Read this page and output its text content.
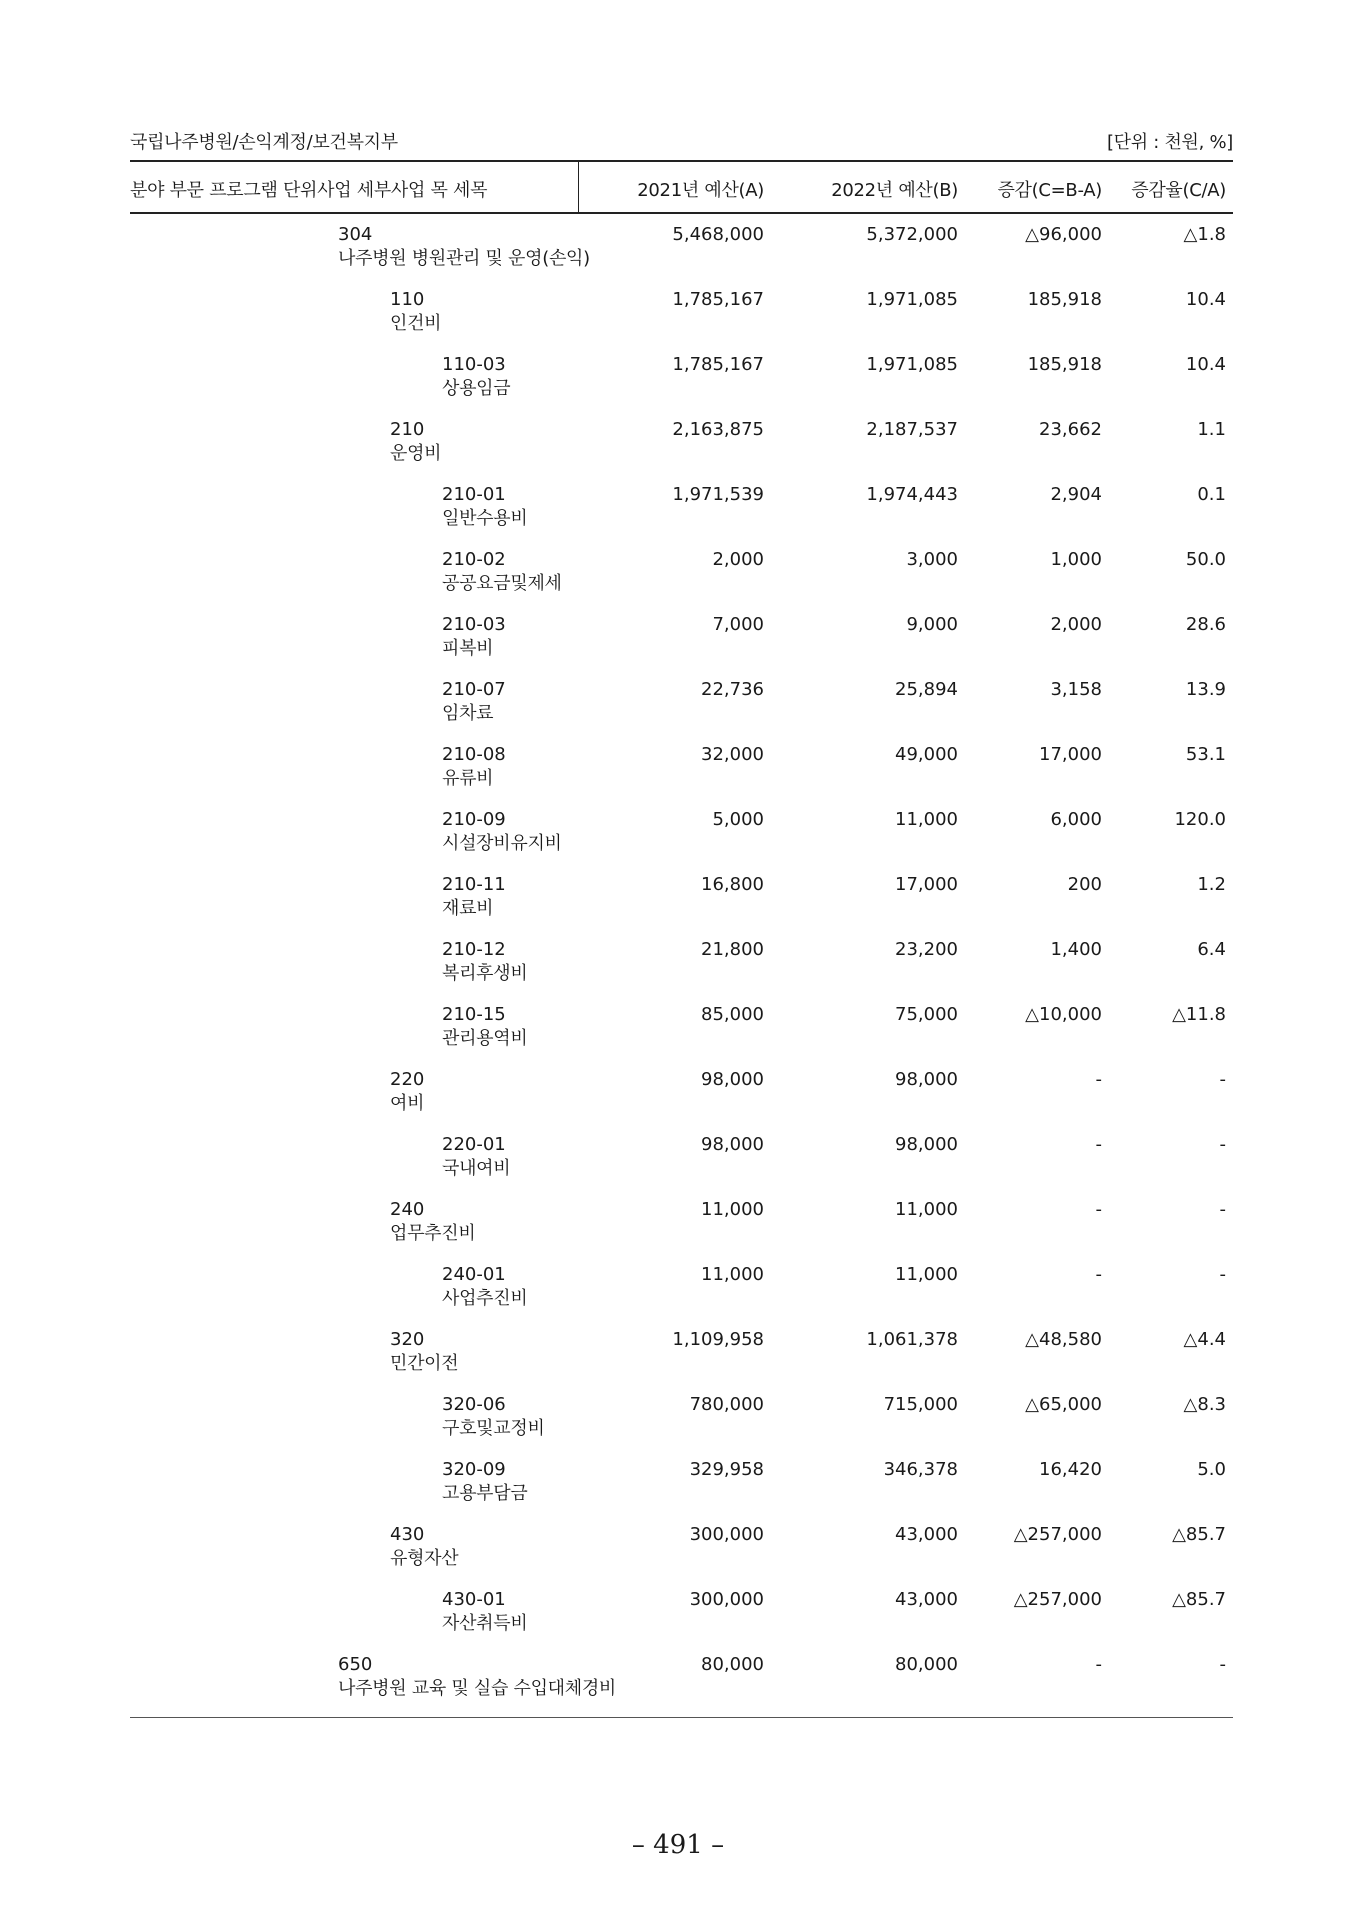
국립나주병원/손익계정/보건복지부	[단위 : 천원, %]
분야 부문 프로그램 단위사업 세부사업 목 세목	2021년 예산(A)	2022년 예산(B) 증감(C=B-A) 증감율(C/A)
304
나주병원 병원관리 및 운영(손익)
5,468,000	5,372,000	△96,000	△1.8
110
인건비
1,785,167	1,971,085	185,918	10.4
110-03
상용임금
1,785,167	1,971,085	185,918	10.4
210
운영비
2,163,875	2,187,537	23,662	1.1
210-01
일반수용비
1,971,539	1,974,443	2,904	0.1
210-02
공공요금및제세
2,000	3,000	1,000	50.0
210-03
피복비
7,000	9,000	2,000	28.6
210-07
임차료
22,736	25,894	3,158	13.9
210-08
유류비
32,000	49,000	17,000	53.1
210-09
시설장비유지비
5,000	11,000	6,000	120.0
210-11
재료비
16,800	17,000	200	1.2
210-12
복리후생비
21,800	23,200	1,400	6.4
210-15
관리용역비
85,000	75,000	△10,000	△11.8
220
여비
98,000	98,000	-	-
220-01
국내여비
98,000	98,000	-	-
240
업무추진비
11,000	11,000	-	-
240-01
사업추진비
11,000	11,000	-	-
320
민간이전
1,109,958	1,061,378	△48,580	△4.4
320-06
구호및교정비
780,000	715,000	△65,000	△8.3
320-09
고용부담금
329,958	346,378	16,420	5.0
430
유형자산
300,000	43,000	△257,000	△85.7
430-01
자산취득비
300,000	43,000	△257,000	△85.7
650
나주병원 교육 및 실습 수입대체경비
80,000	80,000	-	-
– 491 –
